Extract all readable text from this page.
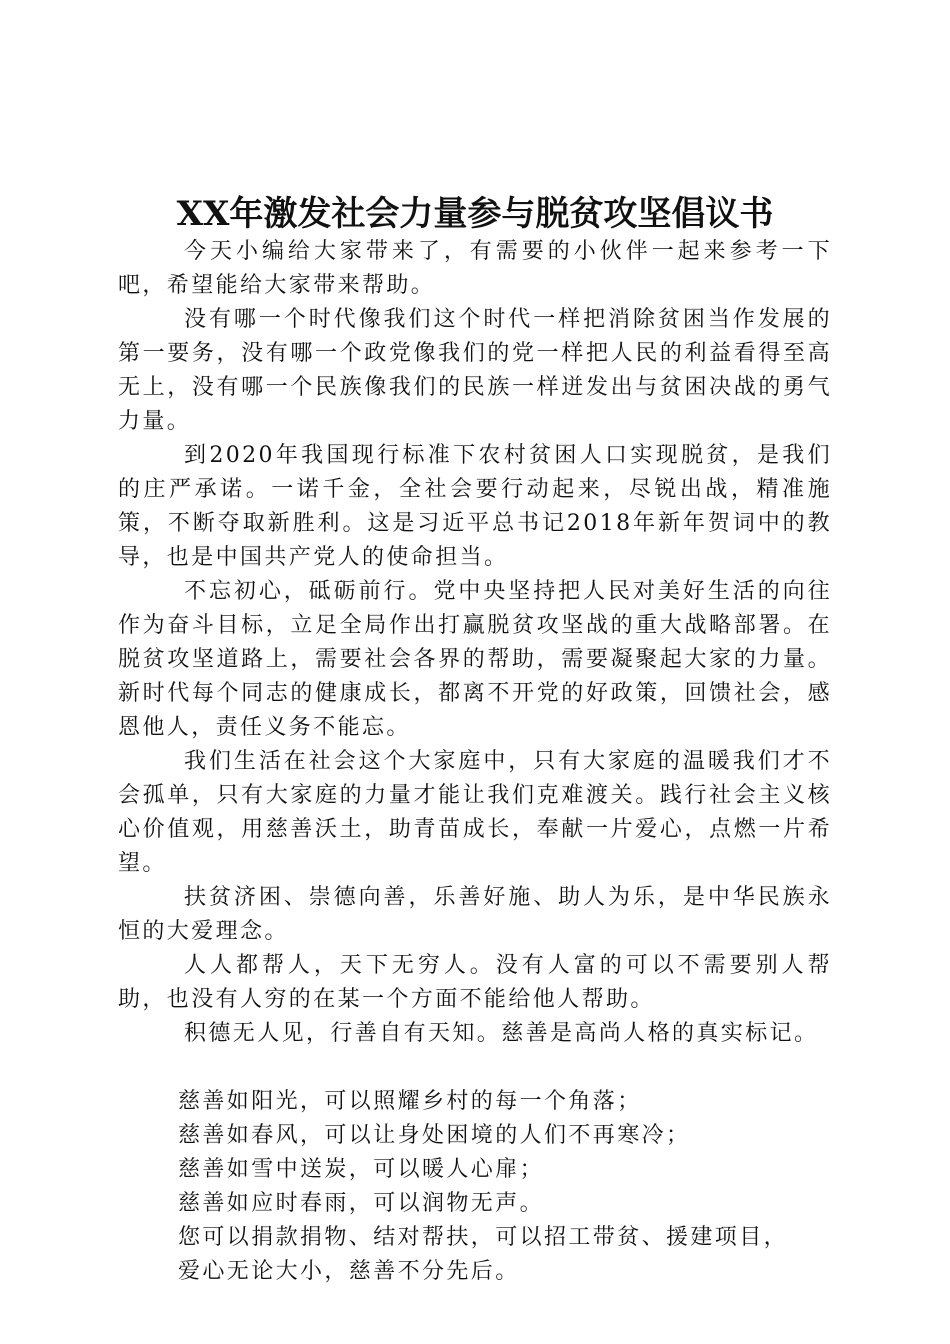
XX年激发社会力量参与脱贫攻坚倡议书

今天小编给大家带来了，有需要的小伙伴一起来参考一下吧，希望能给大家带来帮助。

没有哪一个时代像我们这个时代一样把消除贫困当作发展的第一要务，没有哪一个政党像我们的党一样把人民的利益看得至高无上，没有哪一个民族像我们的民族一样迸发出与贫困决战的勇气力量。

到2020年我国现行标准下农村贫困人口实现脱贫，是我们的庄严承诺。一诺千金，全社会要行动起来，尽锐出战，精准施策，不断夺取新胜利。这是习近平总书记2018年新年贺词中的教导，也是中国共产党人的使命担当。

不忘初心，砥砺前行。党中央坚持把人民对美好生活的向往作为奋斗目标，立足全局作出打赢脱贫攻坚战的重大战略部署。在脱贫攻坚道路上，需要社会各界的帮助，需要凝聚起大家的力量。新时代每个同志的健康成长，都离不开党的好政策，回馈社会，感恩他人，责任义务不能忘。

我们生活在社会这个大家庭中，只有大家庭的温暖我们才不会孤单，只有大家庭的力量才能让我们克难渡关。践行社会主义核心价值观，用慈善沃土，助青苗成长，奉献一片爱心，点燃一片希望。

扶贫济困、崇德向善，乐善好施、助人为乐，是中华民族永恒的大爱理念。

人人都帮人，天下无穷人。没有人富的可以不需要别人帮助，也没有人穷的在某一个方面不能给他人帮助。

积德无人见，行善自有天知。慈善是高尚人格的真实标记。

慈善如阳光，可以照耀乡村的每一个角落；

慈善如春风，可以让身处困境的人们不再寒冷；

慈善如雪中送炭，可以暖人心扉；

慈善如应时春雨，可以润物无声。

您可以捐款捐物、结对帮扶，可以招工带贫、援建项目，

爱心无论大小，慈善不分先后。
